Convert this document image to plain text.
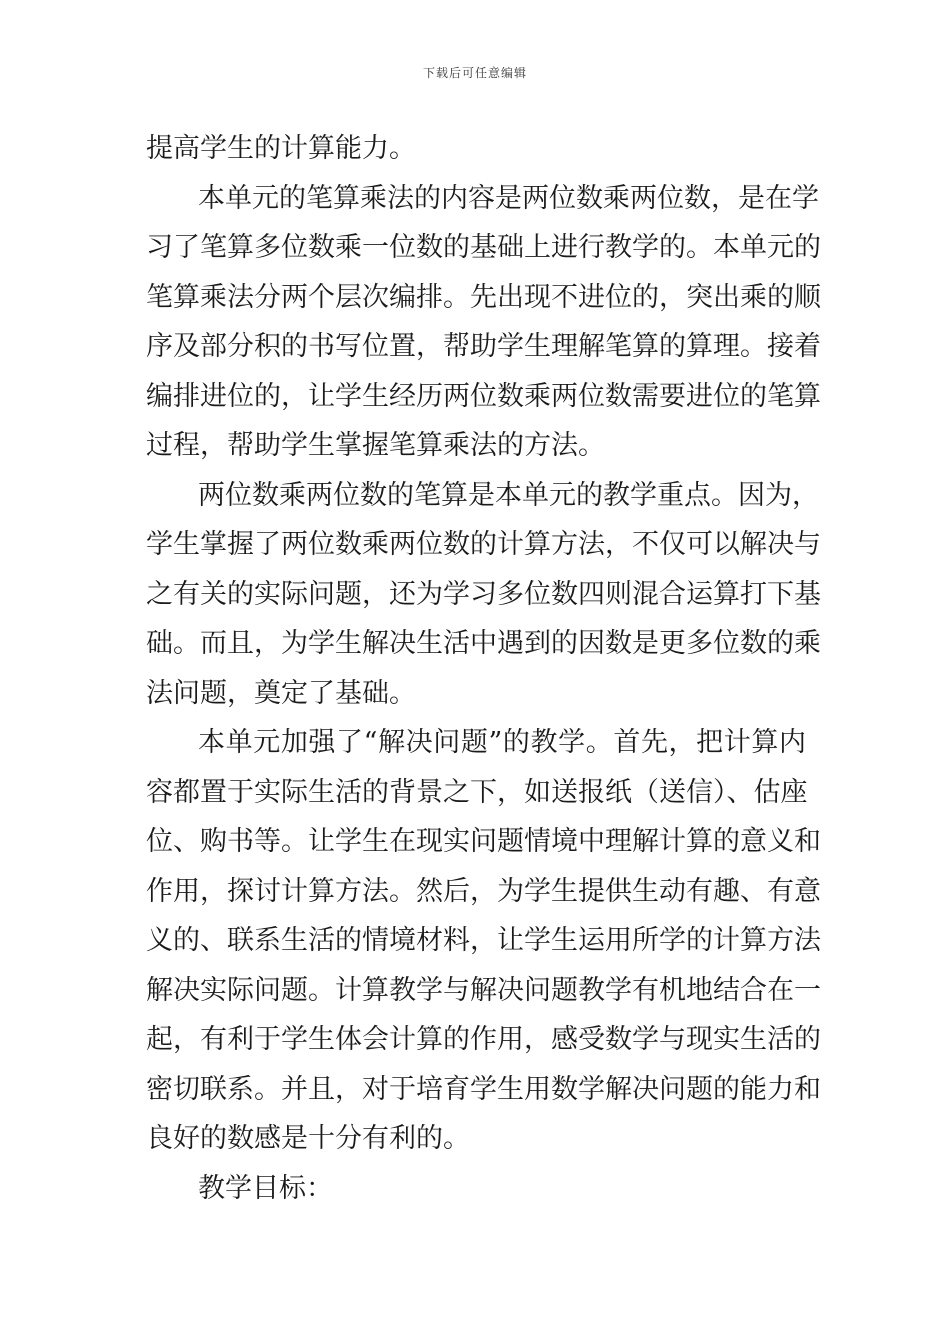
下载后可任意编辑
提高学生的计算能力。
本单元的笔算乘法的内容是两位数乘两位数，是在学
习了笔算多位数乘一位数的基础上进行教学的。本单元的
笔算乘法分两个层次编排。先出现不进位的，突出乘的顺
序及部分积的书写位置，帮助学生理解笔算的算理。接着
编排进位的，让学生经历两位数乘两位数需要进位的笔算
过程，帮助学生掌握笔算乘法的方法。
两位数乘两位数的笔算是本单元的教学重点。因为，
学生掌握了两位数乘两位数的计算方法，不仅可以解决与
之有关的实际问题，还为学习多位数四则混合运算打下基
础。而且，为学生解决生活中遇到的因数是更多位数的乘
法问题，奠定了基础。
本单元加强了“解决问题”的教学。首先，把计算内
容都置于实际生活的背景之下，如送报纸（送信）、估座
位、购书等。让学生在现实问题情境中理解计算的意义和
作用，探讨计算方法。然后，为学生提供生动有趣、有意
义的、联系生活的情境材料，让学生运用所学的计算方法
解决实际问题。计算教学与解决问题教学有机地结合在一
起，有利于学生体会计算的作用，感受数学与现实生活的
密切联系。并且，对于培育学生用数学解决问题的能力和
良好的数感是十分有利的。
教学目标：
